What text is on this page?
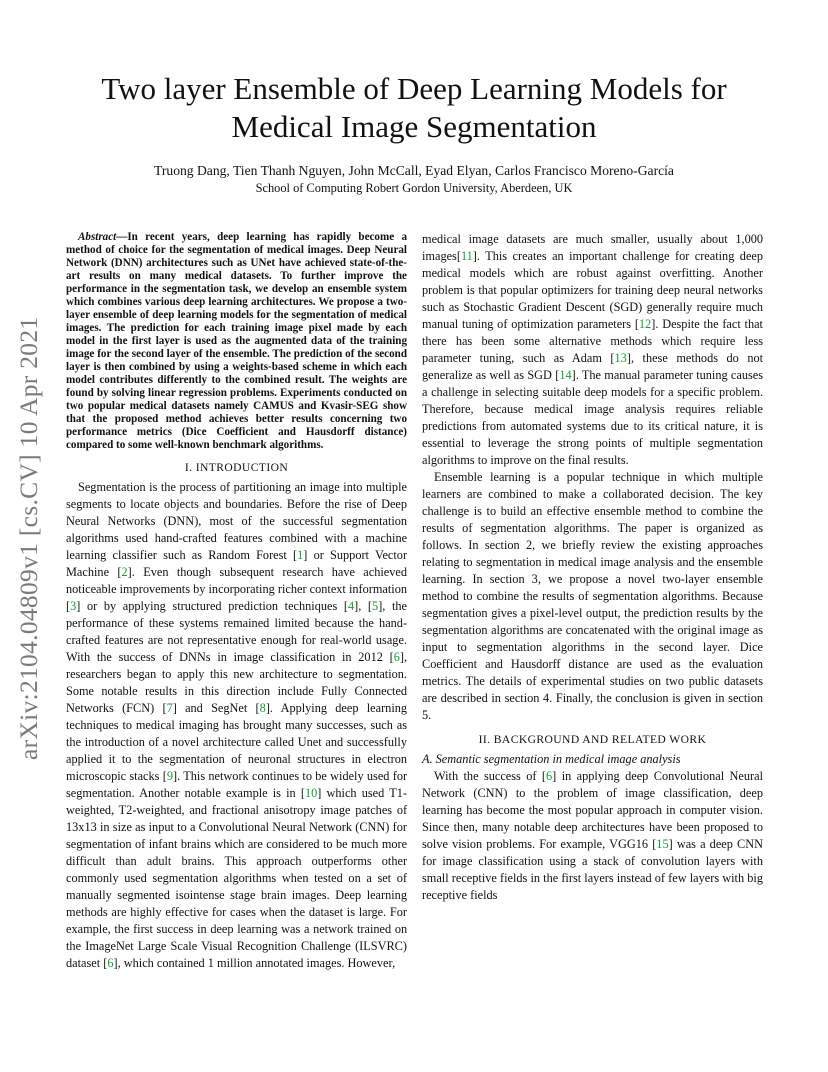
arXiv:2104.04809v1 [cs.CV] 10 Apr 2021
Two layer Ensemble of Deep Learning Models for
Medical Image Segmentation
Truong Dang, Tien Thanh Nguyen, John McCall, Eyad Elyan, Carlos Francisco Moreno-García
School of Computing Robert Gordon University, Aberdeen, UK

Abstract—In recent years, deep learning has rapidly become a method of choice for the segmentation of medical images. Deep Neural Network (DNN) architectures such as UNet have achieved state-of-the-art results on many medical datasets. To further improve the performance in the segmentation task, we develop an ensemble system which combines various deep learning architectures. We propose a two-layer ensemble of deep learning models for the segmentation of medical images. The prediction for each training image pixel made by each model in the first layer is used as the augmented data of the training image for the second layer of the ensemble. The prediction of the second layer is then combined by using a weights-based scheme in which each model contributes differently to the combined result. The weights are found by solving linear regression problems. Experiments conducted on two popular medical datasets namely CAMUS and Kvasir-SEG show that the proposed method achieves better results concerning two performance metrics (Dice Coefficient and Hausdorff distance) compared to some well-known benchmark algorithms.

I. INTRODUCTION

Segmentation is the process of partitioning an image into multiple segments to locate objects and boundaries. Before the rise of Deep Neural Networks (DNN), most of the successful segmentation algorithms used hand-crafted features combined with a machine learning classifier such as Random Forest [1] or Support Vector Machine [2]. Even though subsequent research have achieved noticeable improvements by incorporating richer context information [3] or by applying structured prediction techniques [4], [5], the performance of these systems remained limited because the hand-crafted features are not representative enough for real-world usage. With the success of DNNs in image classification in 2012 [6], researchers began to apply this new architecture to segmentation. Some notable results in this direction include Fully Connected Networks (FCN) [7] and SegNet [8]. Applying deep learning techniques to medical imaging has brought many successes, such as the introduction of a novel architecture called Unet and successfully applied it to the segmentation of neuronal structures in electron microscopic stacks [9]. This network continues to be widely used for segmentation. Another notable example is in [10] which used T1-weighted, T2-weighted, and fractional anisotropy image patches of 13x13 in size as input to a Convolutional Neural Network (CNN) for segmentation of infant brains which are considered to be much more difficult than adult brains. This approach outperforms other commonly used segmentation algorithms when tested on a set of manually segmented isointense stage brain images. Deep learning methods are highly effective for cases when the dataset is large. For example, the first success in deep learning was a network trained on the ImageNet Large Scale Visual Recognition Challenge (ILSVRC) dataset [6], which contained 1 million annotated images. However,

medical image datasets are much smaller, usually about 1,000 images[11]. This creates an important challenge for creating deep medical models which are robust against overfitting. Another problem is that popular optimizers for training deep neural networks such as Stochastic Gradient Descent (SGD) generally require much manual tuning of optimization parameters [12]. Despite the fact that there has been some alternative methods which require less parameter tuning, such as Adam [13], these methods do not generalize as well as SGD [14]. The manual parameter tuning causes a challenge in selecting suitable deep models for a specific problem. Therefore, because medical image analysis requires reliable predictions from automated systems due to its critical nature, it is essential to leverage the strong points of multiple segmentation algorithms to improve on the final results.

Ensemble learning is a popular technique in which multiple learners are combined to make a collaborated decision. The key challenge is to build an effective ensemble method to combine the results of segmentation algorithms. The paper is organized as follows. In section 2, we briefly review the existing approaches relating to segmentation in medical image analysis and the ensemble learning. In section 3, we propose a novel two-layer ensemble method to combine the results of segmentation algorithms. Because segmentation gives a pixel-level output, the prediction results by the segmentation algorithms are concatenated with the original image as input to segmentation algorithms in the second layer. Dice Coefficient and Hausdorff distance are used as the evaluation metrics. The details of experimental studies on two public datasets are described in section 4. Finally, the conclusion is given in section 5.

II. BACKGROUND AND RELATED WORK

A. Semantic segmentation in medical image analysis

With the success of [6] in applying deep Convolutional Neural Network (CNN) to the problem of image classification, deep learning has become the most popular approach in computer vision. Since then, many notable deep architectures have been proposed to solve vision problems. For example, VGG16 [15] was a deep CNN for image classification using a stack of convolution layers with small receptive fields in the first layers instead of few layers with big receptive fields
